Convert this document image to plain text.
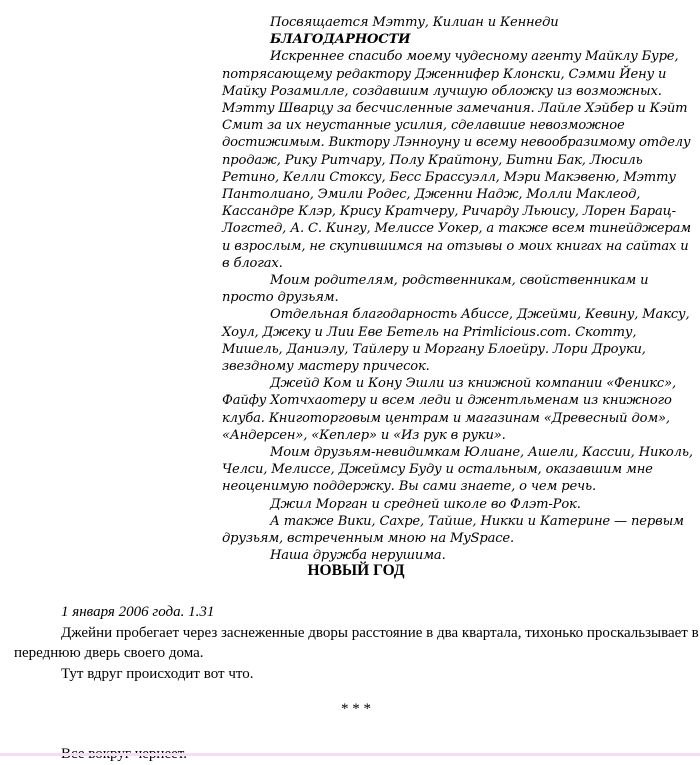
Посвящается Мэтту, Килиан и Кеннеди

БЛАГОДАРНОСТИ

Искреннее спасибо моему чудесному агенту Майклу Буре, потрясающему редактору Дженнифер Клонски, Сэмми Йену и Майку Розамилле, создавшим лучшую обложку из возможных. Мэтту Шварцу за бесчисленные замечания. Лайле Хэйбер и Кэйт Смит за их неустанные усилия, сделавшие невозможное достижимым. Виктору Лэнноуну и всему невообразимому отделу продаж, Рику Ритчару, Полу Крайтону, Битни Бак, Люсиль Ретино, Келли Стоксу, Бесс Брассуэлл, Мэри Макэвеню, Мэтту Пантолиано, Эмили Родес, Дженни Надж, Молли Маклеод, Кассандре Клэр, Крису Кратчеру, Ричарду Льюису, Лорен Барац-Логстед, А. С. Кингу, Мелиссе Уокер, а также всем тинейджерам и взрослым, не скупившимся на отзывы о моих книгах на сайтах и в блогах.

Моим родителям, родственникам, свойственникам и просто друзьям.

Отдельная благодарность Абиссе, Джейми, Кевину, Максу, Хоул, Джеку и Лии Еве Бетель на Primlicious.com. Скотту, Мишель, Даниэлу, Тайлеру и Моргану Блоейру. Лори Дроуки, звездному мастеру причесок.

Джейд Ком и Кону Эшли из книжной компании «Феникс», Файфу Хотчхаотеру и всем леди и джентльменам из книжного клуба. Книготорговым центрам и магазинам «Древесный дом», «Андерсен», «Кеплер» и «Из рук в руки».

Моим друзьям-невидимкам Юлиане, Ашели, Кассии, Николь, Челси, Мелиссе, Джеймсу Буду и остальным, оказавшим мне неоценимую поддержку. Вы сами знаете, о чем речь.

Джил Морган и средней школе во Флэт-Рок.

А также Вики, Сахре, Тайше, Никки и Катерине — первым друзьям, встреченным мною на MySpace.

Наша дружба нерушима.

НОВЫЙ ГОД

1 января 2006 года. 1.31

Джейни пробегает через заснеженные дворы расстояние в два квартала, тихонько проскальзывает в переднюю дверь своего дома.

Тут вдруг происходит вот что.

* * *
